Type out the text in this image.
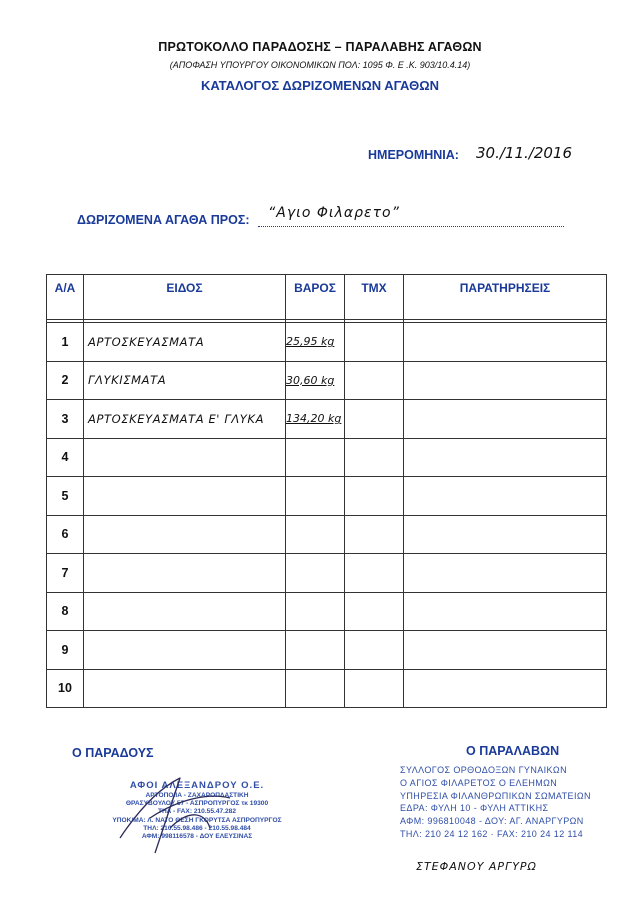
ΠΡΩΤΟΚΟΛΛΟ ΠΑΡΑΔΟΣΗΣ – ΠΑΡΑΛΑΒΗΣ ΑΓΑΘΩΝ
(ΑΠΟΦΑΣΗ ΥΠΟΥΡΓΟΥ ΟΙΚΟΝΟΜΙΚΩΝ ΠΟΛ: 1095 Φ. Ε .Κ. 903/10.4.14)
ΚΑΤΑΛΟΓΟΣ ΔΩΡΙΖΟΜΕΝΩΝ ΑΓΑΘΩΝ
ΗΜΕΡΟΜΗΝΙΑ: 30./11./2016
ΔΩΡΙΖΟΜΕΝΑ ΑΓΑΘΑ ΠΡΟΣ: “Αγιο Φιλαρετο”
Α/Α	ΕΙΔΟΣ	ΒΑΡΟΣ	ΤΜΧ	ΠΑΡΑΤΗΡΗΣΕΙΣ

1	ΑΡΤΟΣΚΕΥΑΣΜΑΤΑ	25,95 kg		
2	ΓΛΥΚΙΣΜΑΤΑ	30,60 kg		
3	ΑΡΤΟΣΚΕΥΑΣΜΑΤΑ Ε' ΓΛΥΚΑ	134,20 kg		
4				
5				
6				
7				
8				
9				
10				
Ο ΠΑΡΑΔΟΥΣ	Ο ΠΑΡΑΛΑΒΩΝ
ΑΦΟΙ ΑΛΕΞΑΝΔΡΟΥ Ο.Ε.
ΑΡΤΟΠΟΙΙΑ - ΖΑΧΑΡΟΠΛΑΣΤΙΚΗ
ΘΡΑΣΥΒΟΥΛΟΥ 57 - ΑΣΠΡΟΠΥΡΓΟΣ τκ 19300
ΤΗΛ - FAX: 210.55.47.282
ΥΠΟΚ/ΜΑ: Λ. ΝΑΤΟ ΘΕΣΗ ΓΚΟΡΥΤΣΑ ΑΣΠΡΟΠΥΡΓΟΣ
ΤΗΛ: 210.55.98.486 - 210.55.98.484
ΑΦΜ: 998116578 - ΔΟΥ ΕΛΕΥΣΙΝΑΣ
ΣΥΛΛΟΓΟΣ ΟΡΘΟΔΟΞΩΝ ΓΥΝΑΙΚΩΝ
Ο ΑΓΙΟΣ ΦΙΛΑΡΕΤΟΣ Ο ΕΛΕΗΜΩΝ
ΥΠΗΡΕΣΙΑ ΦΙΛΑΝΘΡΩΠΙΚΩΝ ΣΩΜΑΤΕΙΩΝ
ΕΔΡΑ: ΦΥΛΗ 10 - ΦΥΛΗ ΑΤΤΙΚΗΣ
ΑΦΜ: 996810048 - ΔΟΥ: ΑΓ. ΑΝΑΡΓΥΡΩΝ
ΤΗΛ: 210 24 12 162 · FAX: 210 24 12 114
ΣΤΕΦΑΝΟΥ ΑΡΓΥΡΩ
